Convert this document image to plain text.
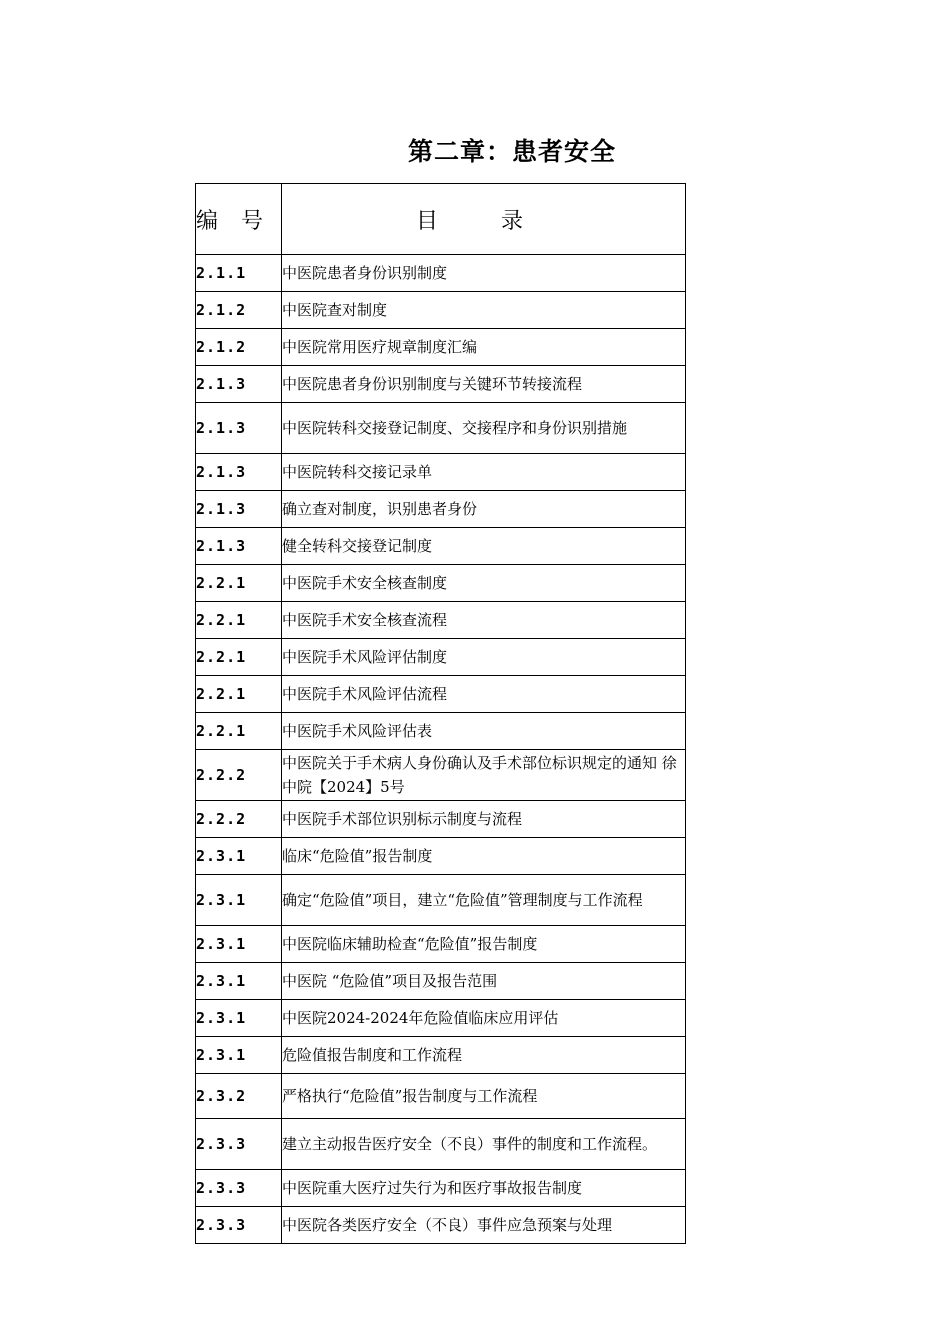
第二章：患者安全
编 号	目 录
2.1.1	中医院患者身份识别制度
2.1.2	中医院查对制度
2.1.2	中医院常用医疗规章制度汇编
2.1.3	中医院患者身份识别制度与关键环节转接流程
2.1.3	中医院转科交接登记制度、交接程序和身份识别措施
2.1.3	中医院转科交接记录单
2.1.3	确立查对制度，识别患者身份
2.1.3	健全转科交接登记制度
2.2.1	中医院手术安全核查制度
2.2.1	中医院手术安全核查流程
2.2.1	中医院手术风险评估制度
2.2.1	中医院手术风险评估流程
2.2.1	中医院手术风险评估表
2.2.2	中医院关于手术病人身份确认及手术部位标识规定的通知 徐中院【2024】5号
2.2.2	中医院手术部位识别标示制度与流程
2.3.1	临床“危险值”报告制度
2.3.1	确定“危险值”项目，建立“危险值”管理制度与工作流程
2.3.1	中医院临床辅助检查“危险值”报告制度
2.3.1	中医院 “危险值”项目及报告范围
2.3.1	中医院2024-2024年危险值临床应用评估
2.3.1	危险值报告制度和工作流程
2.3.2	严格执行“危险值”报告制度与工作流程
2.3.3	建立主动报告医疗安全（不良）事件的制度和工作流程。
2.3.3	中医院重大医疗过失行为和医疗事故报告制度
2.3.3	中医院各类医疗安全（不良）事件应急预案与处理
